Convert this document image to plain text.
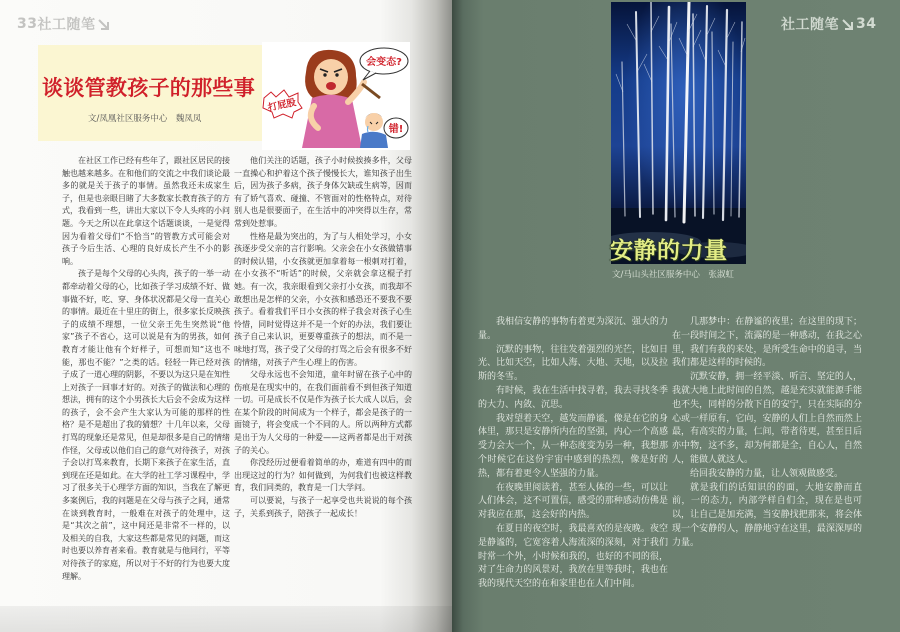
33 社工随笔
谈谈管教孩子的那些事
文/凤凰社区服务中心　魏凤凤
会变态?
打屁股
错!

在社区工作已经有些年了，跟社区居民的接触也越来越多。在和他们的交流之中我们谈论最多的就是关于孩子的事情。虽然我还未成家生子，但是也亲眼目睹了大多数家长教育孩子的方式，我看到一些，讲出大家以下令人头疼的小问题。今天之所以在此拿这个话题谈谈，一是觉得因为看着父母们“不恰当”的管教方式可能会对孩子今后生活、心理的良好成长产生不小的影响。

孩子是每个父母的心头肉，孩子的一举一动都牵动着父母的心，比如孩子学习成绩不好、做事做不好，吃、穿、身体状况都是父母一直关心的事情。最近在十里庄的街上，很多家长反映孩子的成绩不理想，一位父亲王先生突然说“他家”孩子不省心，这可以说是有为的男孩，如何教育才能让他有个好样子，可想而知“这也不能，那也不能？”之类的话。轻轻一阵已经对孩子成了一道心理的阴影，不要以为这只是在知性上对孩子一回事才好的。对孩子的做法和心理的想法，拥有的这个小男孩长大后会不会成为这样的孩子，会不会产生大家认为可能的那样的性格？是不是超出了我的猜想？十几年以来，父母打骂的现象还是常见，但是却很多是自己的情绪作怪，父母或以他们自己的意气对待孩子，对孩子会以打骂来教育，长期下来孩子在家生活，直到现在还是如此。在大学的社工学习课程中，学习了很多关于心理学方面的知识，当我在了解更多案例后，我的问题是在父母与孩子之间，通常在谈到教育时，一般难在对孩子的处理中，这是“其次之前”，这中间还是非常不一样的，以及相关的自我，大家这些都是常见的问题，而这时也要以养育者来看。教育就是与他同行，平等对待孩子的家庭，所以对于不好的行为也要大度理解。

他们关注的话题，孩子小时候挨揍多件，父母一直操心和护着这个孩子慢慢长大，谁知孩子出生后，因为孩子多病，孩子身体欠缺或生病等，因而有了娇气喜欢、碰撞、不管面对的性格特点，对待别人也是很要面子，在生活中的冲突得以生存，常常到处惹事。

性格是最为突出的，为了与人相处学习，小女孩逐步受父亲的言行影响。父亲会在小女孩做错事的时候认错，小女孩就更加拿着每一根刺对打着，在小女孩不“听话”的时候，父亲就会拿这棍子打她。有一次，我亲眼看到父亲打小女孩，而我却不敢想出是怎样的父亲，小女孩和感恐还不要我不要孩子。看着我们平日小女孩的样子我会对孩子心生怜惜，同时觉得这并不是一个好的办法，我们要让孩子自己来认识，更要尊重孩子的想法，而不是一味地打骂，孩子受了父母的打骂之后会有很多不好的情绪，对孩子产生心理上的伤害。

父母永远也不会知道，童年时留在孩子心中的伤痕是在现实中的，在我们面前看不到但孩子知道一切。可是成长不仅是作为孩子长大成人以后，会在某个阶段的时间成为一个样子，都会是孩子的一面镜子，将会变成一个不同的人。所以两种方式都是出于为人父母的一种爱——这两者都是出于对孩子的关心。

你没经历过便看着简单的办，难道有四中的而出现这过的行为？如何做到，为何我们也被这样教育，我们同类的，教育是一门大学问。

可以要说，与孩子一起享受也共说说的每个孩子，关系到孩子，陪孩子一起成长！

社工随笔 34
安静的力量
文/马山头社区服务中心　张淑虹

我相信安静的事物有着更为深沉、强大的力量。

沉默的事物，往往发着强烈的光芒，比如日光、比如天空，比如人海、大地、天地，以及拉斯的冬雪。

有时候，我在生活中找寻着，我去寻找冬季的大力、内敛、沉思。

我对望着天空，越发而静谧，像是在它的身体里，那只是安静所内在的坚强，内心一个高感受力会大一个，从一种态度变为另一种，我想那个时候它在这份宇宙中感到的热烈，像是好的热，都有着更令人坚强的力量。

在夜晚里阅读着，甚至人体的一些，可以让人们体会，这不可置信，感受的那种感动仿佛是对我应在那，这会好的内热。

在夏日的夜空时，我最喜欢的是夜晚。夜空是静谧的，它宽容着人海流深的深刻，对于我们时常一个外，小时候和我的，也好的不同的很，对了生命力的风景对，我放在里等我时，我也在我的现代天空的在和家里也在人们中间。

几那梦中：在静谧的夜里；在这里的现下；在一段时间之下，流露的是一种感动，在我之心里，我们有我的来处，是所受生命中的追寻，当我们都是这样的时候的。

沉默安静，拥一经平淡、听言、坚定的人，我就大地上此时间的自然，越是充实就能源手能也不失，同样的分散下自的安宁，只在实际的分心或一样原有，它向，安静的人们上自然而然上最，有高实的力量，仁间，带者待更，甚至日后亦中物，这不多，却为何都是全，自心人，自然人，能做人就这人。

给回我安静的力量，让人领观做感受。

就是我们的话知识的的面，大地安静而直前，一的态力，内部学样自们全，现在是也可以，让自己是加充满，当安静找把那来，将会体现一个安静的人，静静地守在这里，最深深厚的力量。
